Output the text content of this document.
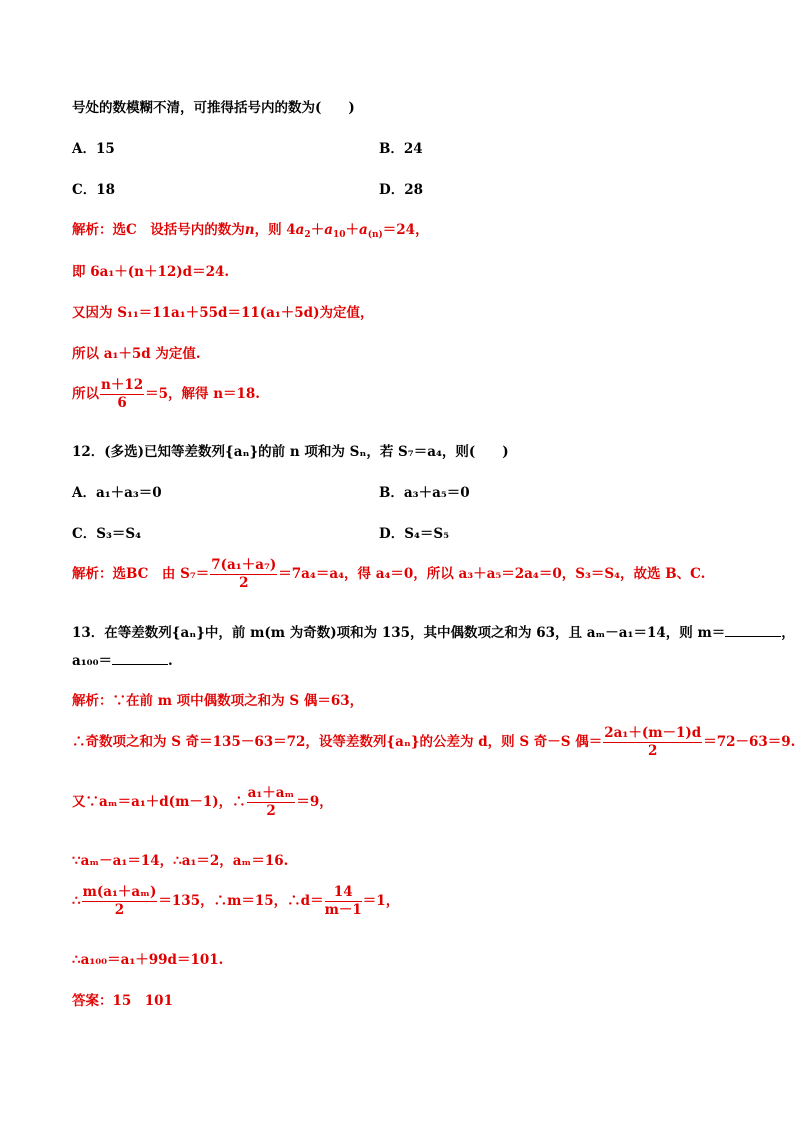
号处的数模糊不清，可推得括号内的数为(　　)
A．15	B．24
C．18	D．28
解析：选C　设括号内的数为n，则 $4a_2+a_{10}+a_{(n)}=24$，
即 6a₁＋(n＋12)d＝24.
又因为 S₁₁＝11a₁＋55d＝11(a₁＋5d)为定值，
所以 a₁＋5d 为定值.
所以 $\frac{n+12}{6} =5$，解得 n＝18.
12．(多选)已知等差数列{aₙ}的前 n 项和为 Sₙ，若 S₇＝a₄，则(　　)
A．a₁＋a₃＝0	B．a₃＋a₅＝0
C．S₃＝S₄	D．S₄＝S₅
解析：选BC　由 $S_7= \frac{\text{7(a₁＋a₇)}}{2} =7a_4=a_4$，得 a₄＝0，所以 a₃＋a₅＝2a₄＝0，S₃＝S₄，故选 B、C.
13．在等差数列{aₙ}中，前 m(m 为奇数)项和为 135，其中偶数项之和为 63，且 aₘ－a₁＝14，则 m＝	，
a₁₀₀＝	.
解析：∵在前 m 项中偶数项之和为 S 偶＝63，
∴奇数项之和为 S 奇＝135－63＝72，设等差数列{aₙ}的公差为 d，则 S 奇－S 偶＝ $\frac{\text{2a₁＋(m－1)d}}{2} =72-63=9$.
又∵aₘ＝a₁＋d(m－1)，∴ $\frac{\text{a₁＋aₘ}}{2} =9$，
∵aₘ－a₁＝14，∴a₁＝2，aₘ＝16.
∴ $\frac{\text{m(a₁＋aₘ)}}{2} =135$，∴m＝15，∴d＝ $\frac{14}{m-1} =1$，
∴a₁₀₀＝a₁＋99d＝101.
答案：15　101
